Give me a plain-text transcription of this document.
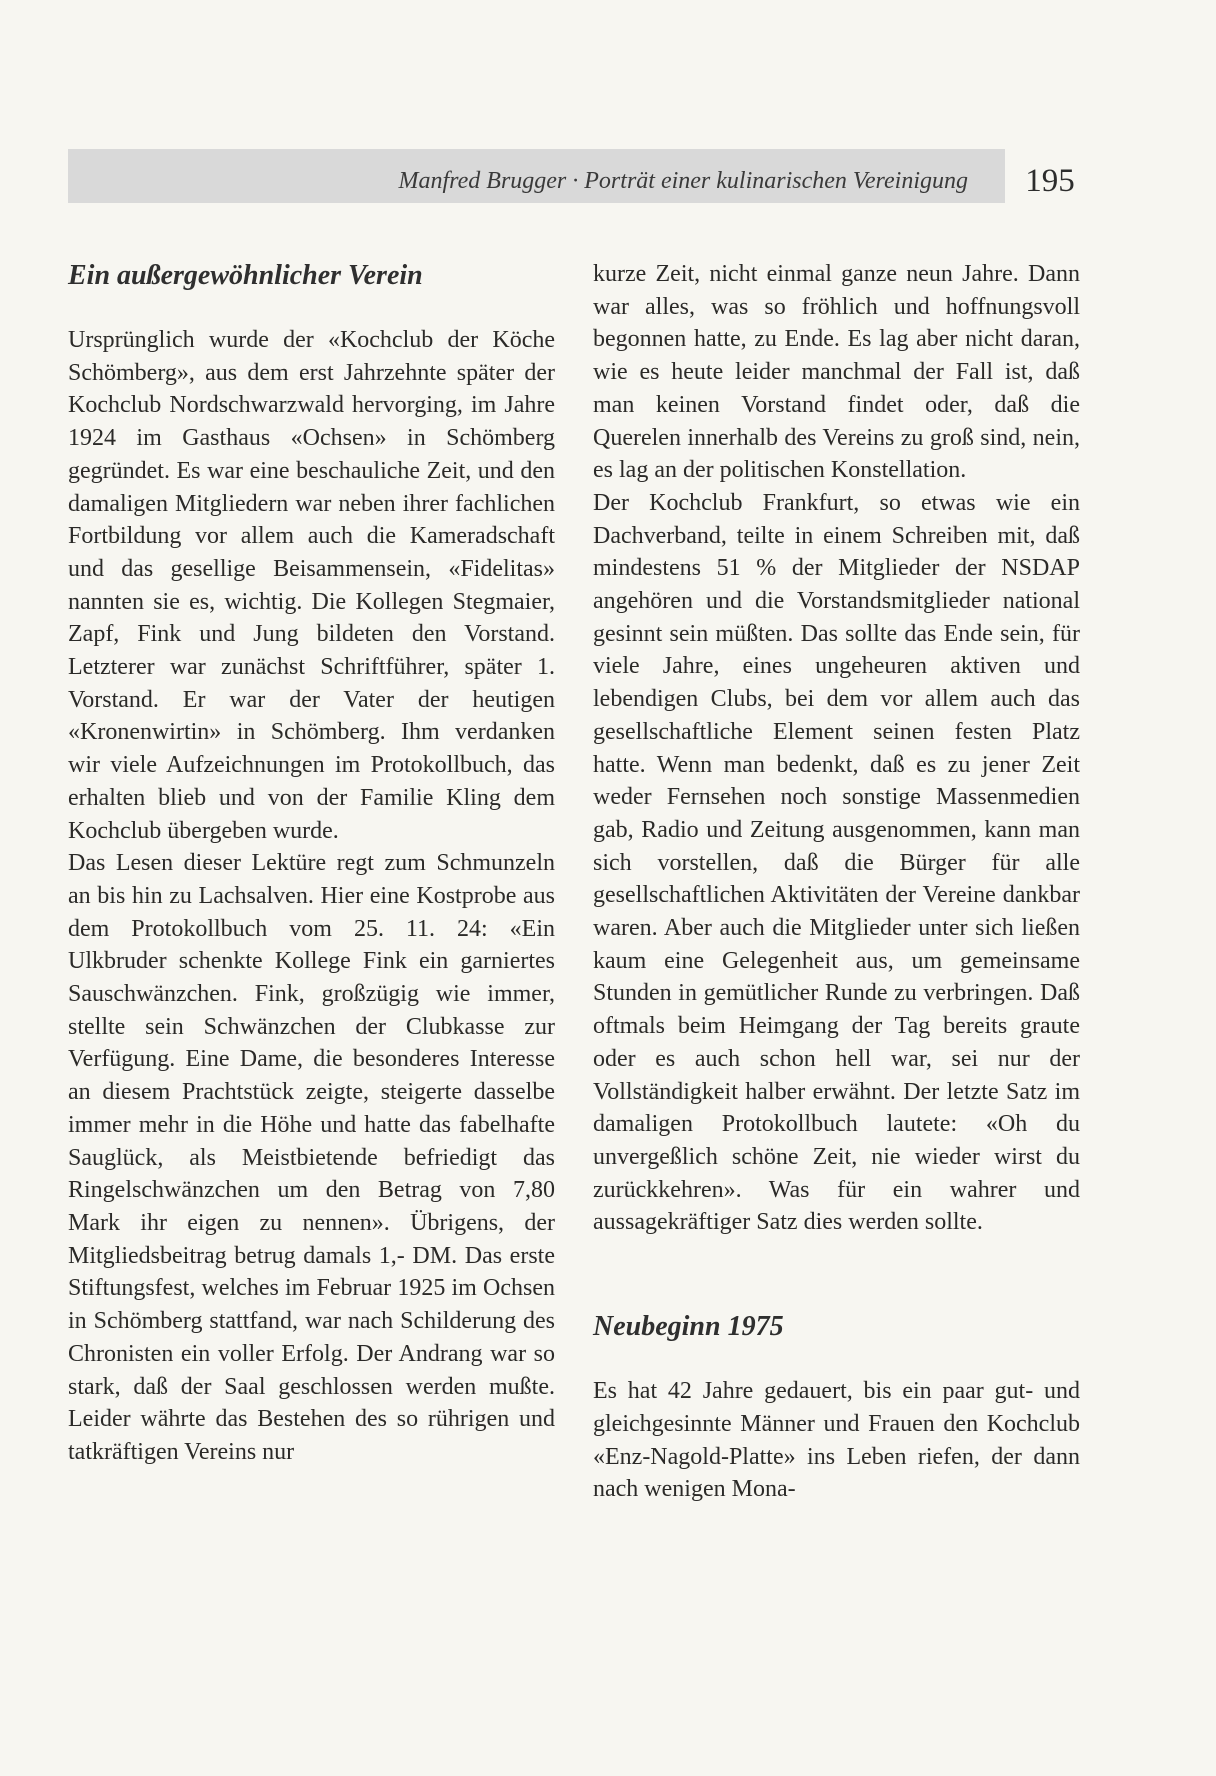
Manfred Brugger · Porträt einer kulinarischen Vereinigung	195
Ein außergewöhnlicher Verein

Ursprünglich wurde der «Kochclub der Köche Schömberg», aus dem erst Jahrzehnte später der Kochclub Nordschwarzwald hervorging, im Jahre 1924 im Gasthaus «Ochsen» in Schömberg gegründet. Es war eine beschauliche Zeit, und den damaligen Mitgliedern war neben ihrer fachlichen Fortbildung vor allem auch die Kameradschaft und das gesellige Beisammensein, «Fidelitas» nannten sie es, wichtig. Die Kollegen Stegmaier, Zapf, Fink und Jung bildeten den Vorstand. Letzterer war zunächst Schriftführer, später 1. Vorstand. Er war der Vater der heutigen «Kronenwirtin» in Schömberg. Ihm verdanken wir viele Aufzeichnungen im Protokollbuch, das erhalten blieb und von der Familie Kling dem Kochclub übergeben wurde.

Das Lesen dieser Lektüre regt zum Schmunzeln an bis hin zu Lachsalven. Hier eine Kostprobe aus dem Protokollbuch vom 25. 11. 24: «Ein Ulkbruder schenkte Kollege Fink ein garniertes Sauschwänzchen. Fink, großzügig wie immer, stellte sein Schwänzchen der Clubkasse zur Verfügung. Eine Dame, die besonderes Interesse an diesem Prachtstück zeigte, steigerte dasselbe immer mehr in die Höhe und hatte das fabelhafte Sauglück, als Meistbietende befriedigt das Ringelschwänzchen um den Betrag von 7,80 Mark ihr eigen zu nennen». Übrigens, der Mitgliedsbeitrag betrug damals 1,- DM. Das erste Stiftungsfest, welches im Februar 1925 im Ochsen in Schömberg stattfand, war nach Schilderung des Chronisten ein voller Erfolg. Der Andrang war so stark, daß der Saal geschlossen werden mußte. Leider währte das Bestehen des so rührigen und tatkräftigen Vereins nur

kurze Zeit, nicht einmal ganze neun Jahre. Dann war alles, was so fröhlich und hoffnungsvoll begonnen hatte, zu Ende. Es lag aber nicht daran, wie es heute leider manchmal der Fall ist, daß man keinen Vorstand findet oder, daß die Querelen innerhalb des Vereins zu groß sind, nein, es lag an der politischen Konstellation.

Der Kochclub Frankfurt, so etwas wie ein Dachverband, teilte in einem Schreiben mit, daß mindestens 51 % der Mitglieder der NSDAP angehören und die Vorstandsmitglieder national gesinnt sein müßten. Das sollte das Ende sein, für viele Jahre, eines ungeheuren aktiven und lebendigen Clubs, bei dem vor allem auch das gesellschaftliche Element seinen festen Platz hatte. Wenn man bedenkt, daß es zu jener Zeit weder Fernsehen noch sonstige Massenmedien gab, Radio und Zeitung ausgenommen, kann man sich vorstellen, daß die Bürger für alle gesellschaftlichen Aktivitäten der Vereine dankbar waren. Aber auch die Mitglieder unter sich ließen kaum eine Gelegenheit aus, um gemeinsame Stunden in gemütlicher Runde zu verbringen. Daß oftmals beim Heimgang der Tag bereits graute oder es auch schon hell war, sei nur der Vollständigkeit halber erwähnt. Der letzte Satz im damaligen Protokollbuch lautete: «Oh du unvergeßlich schöne Zeit, nie wieder wirst du zurückkehren». Was für ein wahrer und aussagekräftiger Satz dies werden sollte.

Neubeginn 1975

Es hat 42 Jahre gedauert, bis ein paar gut- und gleichgesinnte Männer und Frauen den Kochclub «Enz-Nagold-Platte» ins Leben riefen, der dann nach wenigen Mona-
